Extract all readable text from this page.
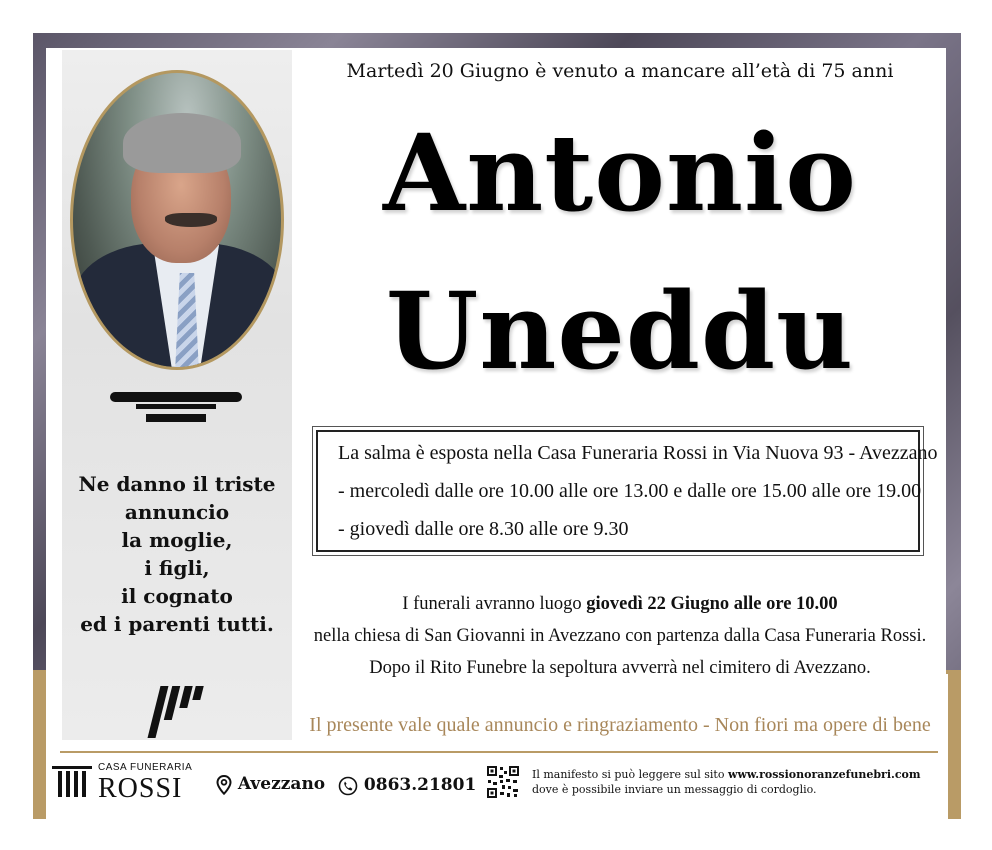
Ne danno il triste
annuncio
la moglie,
i figli,
il cognato
ed i parenti tutti.
Martedì 20 Giugno è venuto a mancare all’età di 75 anni
Antonio
Uneddu
La salma è esposta nella Casa Funeraria Rossi in Via Nuova 93 - Avezzano
- mercoledì dalle ore 10.00 alle ore 13.00 e dalle ore 15.00 alle ore 19.00
- giovedì dalle ore 8.30 alle ore 9.30
I funerali avranno luogo giovedì 22 Giugno alle ore 10.00
nella chiesa di San Giovanni in Avezzano con partenza dalla Casa Funeraria Rossi.
Dopo il Rito Funebre la sepoltura avverrà nel cimitero di Avezzano.
Il presente vale quale annuncio e ringraziamento - Non fiori ma opere di bene
CASA FUNERARIA
ROSSI	Avezzano	0863.21801
Il manifesto si può leggere sul sito www.rossionoranzefunebri.com
dove è possibile inviare un messaggio di cordoglio.
